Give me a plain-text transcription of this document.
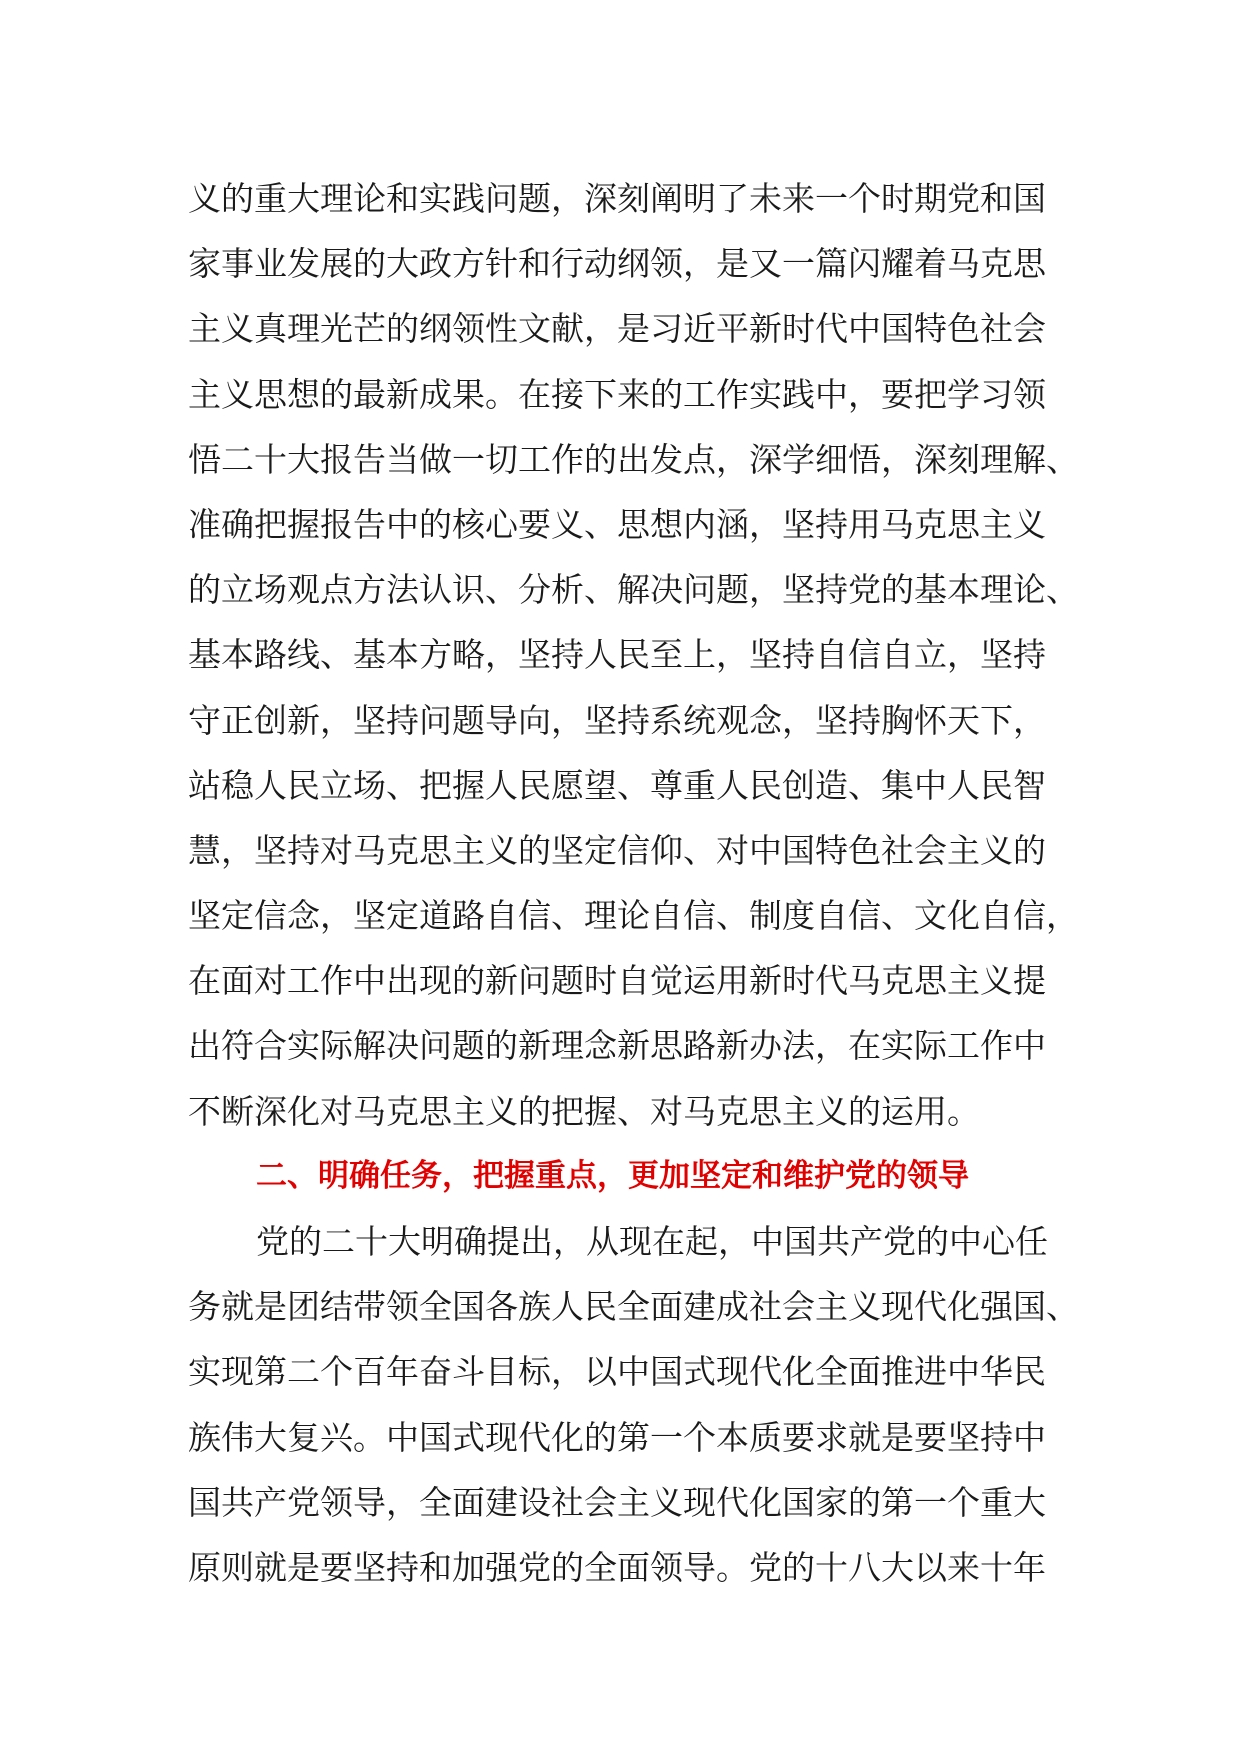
义的重大理论和实践问题，深刻阐明了未来一个时期党和国
家事业发展的大政方针和行动纲领，是又一篇闪耀着马克思
主义真理光芒的纲领性文献，是习近平新时代中国特色社会
主义思想的最新成果。在接下来的工作实践中，要把学习领
悟二十大报告当做一切工作的出发点，深学细悟，深刻理解、
准确把握报告中的核心要义、思想内涵，坚持用马克思主义
的立场观点方法认识、分析、解决问题，坚持党的基本理论、
基本路线、基本方略，坚持人民至上，坚持自信自立，坚持
守正创新，坚持问题导向，坚持系统观念，坚持胸怀天下，
站稳人民立场、把握人民愿望、尊重人民创造、集中人民智
慧，坚持对马克思主义的坚定信仰、对中国特色社会主义的
坚定信念，坚定道路自信、理论自信、制度自信、文化自信，
在面对工作中出现的新问题时自觉运用新时代马克思主义提
出符合实际解决问题的新理念新思路新办法，在实际工作中
不断深化对马克思主义的把握、对马克思主义的运用。
二、明确任务，把握重点，更加坚定和维护党的领导
党的二十大明确提出，从现在起，中国共产党的中心任
务就是团结带领全国各族人民全面建成社会主义现代化强国、
实现第二个百年奋斗目标，以中国式现代化全面推进中华民
族伟大复兴。中国式现代化的第一个本质要求就是要坚持中
国共产党领导，全面建设社会主义现代化国家的第一个重大
原则就是要坚持和加强党的全面领导。党的十八大以来十年
